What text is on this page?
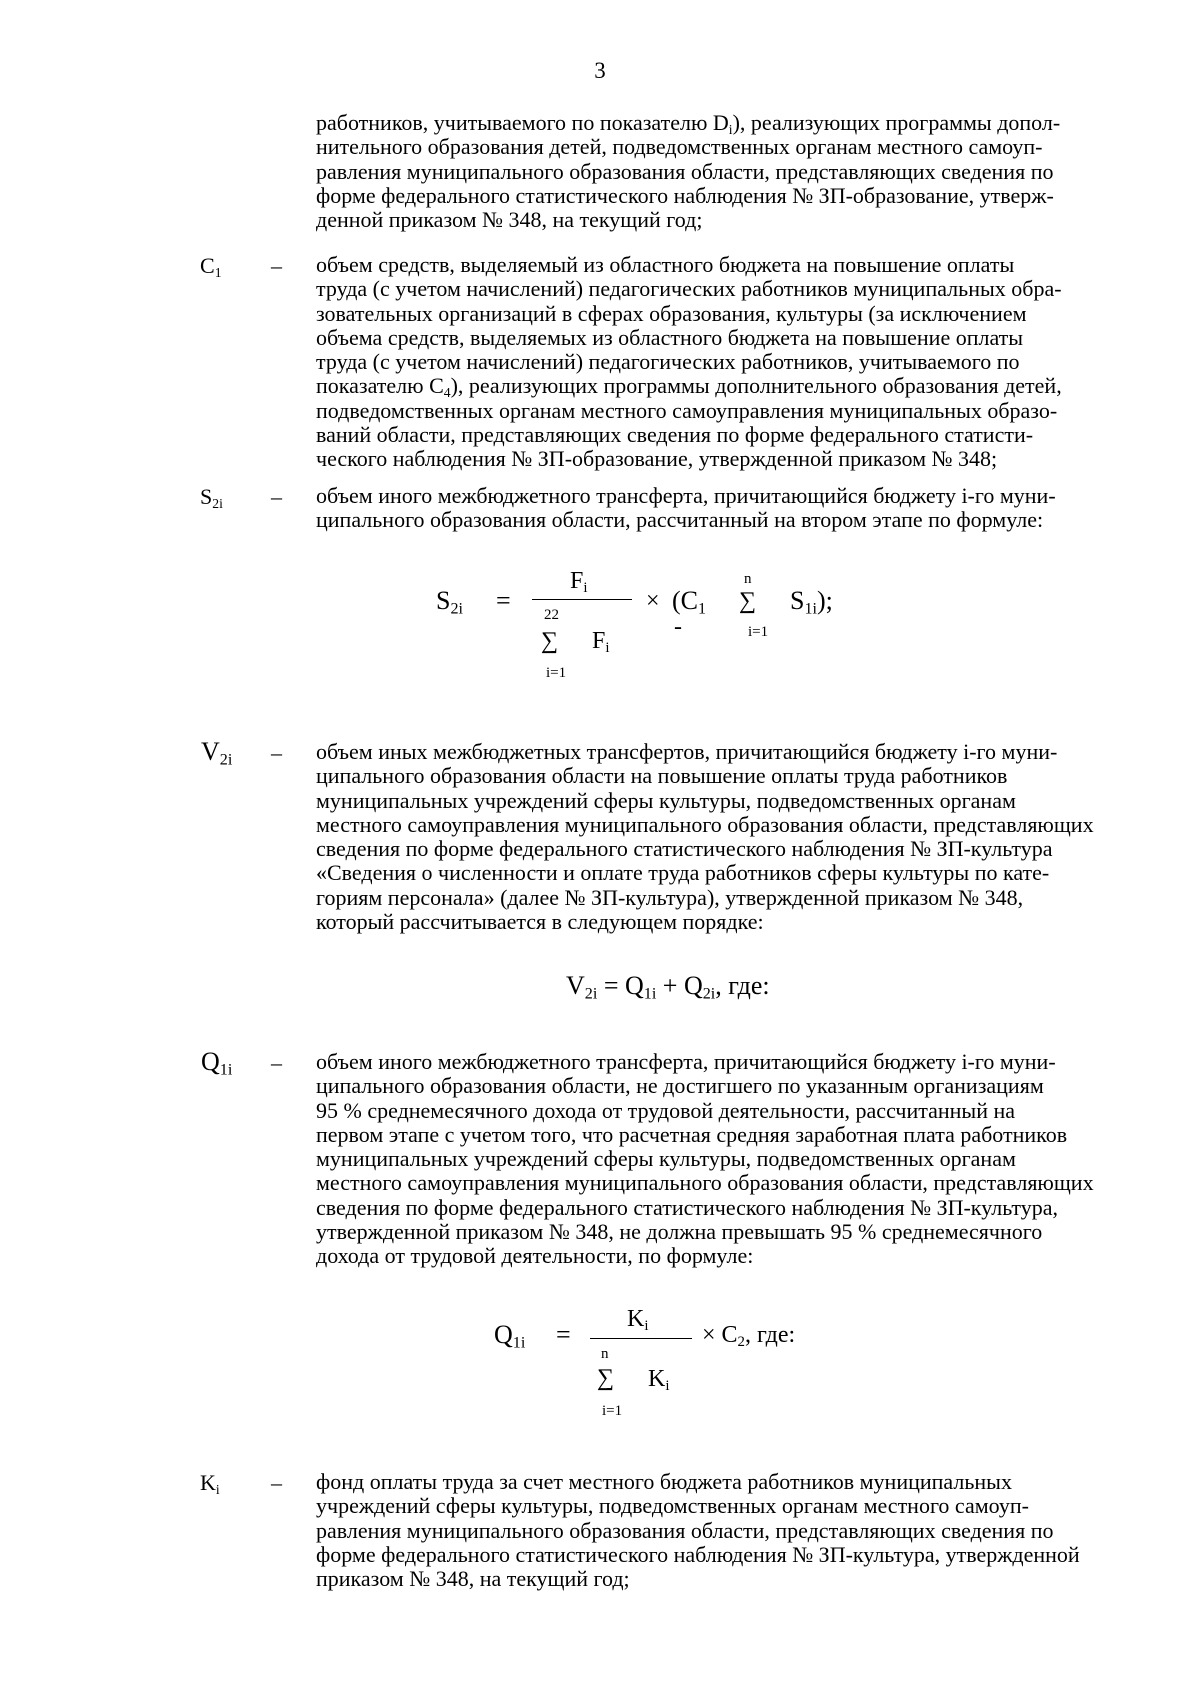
3
работников, учитываемого по показателю $D_i$), реализующих программы допол-
нительного образования детей, подведомственных органам местного самоуп-
равления муниципального образования области, представляющих сведения по
форме федерального статистического наблюдения № ЗП-образование, утверж-
денной приказом № 348, на текущий год;
$C_1$ – объем средств, выделяемый из областного бюджета на повышение оплаты
труда (с учетом начислений) педагогических работников муниципальных обра-
зовательных организаций в сферах образования, культуры (за исключением
объема средств, выделяемых из областного бюджета на повышение оплаты
труда (с учетом начислений) педагогических работников, учитываемого по
показателю $C_4$), реализующих программы дополнительного образования детей,
подведомственных органам местного самоуправления муниципальных образо-
ваний области, представляющих сведения по форме федерального статисти-
ческого наблюдения № ЗП-образование, утвержденной приказом № 348;
$S_{2i}$ – объем иного межбюджетного трансферта, причитающийся бюджету i-го муни-
ципального образования области, рассчитанный на втором этапе по формуле:
$S_{2i}$ =
$F_i$
22
∑ $F_i$
i=1
× ($C_1$
-
n
∑
i=1
$S_{1i}$);
$V_{2i}$ – объем иных межбюджетных трансфертов, причитающийся бюджету i-го муни-
ципального образования области на повышение оплаты труда работников
муниципальных учреждений сферы культуры, подведомственных органам
местного самоуправления муниципального образования области, представляющих
сведения по форме федерального статистического наблюдения № ЗП-культура
«Сведения о численности и оплате труда работников сферы культуры по кате-
гориям персонала» (далее № ЗП-культура), утвержденной приказом № 348,
который рассчитывается в следующем порядке:
$V_{2i} = Q_{1i} + Q_{2i}$, где:
$Q_{1i}$ – объем иного межбюджетного трансферта, причитающийся бюджету i-го муни-
ципального образования области, не достигшего по указанным организациям
95 % среднемесячного дохода от трудовой деятельности, рассчитанный на
первом этапе с учетом того, что расчетная средняя заработная плата работников
муниципальных учреждений сферы культуры, подведомственных органам
местного самоуправления муниципального образования области, представляющих
сведения по форме федерального статистического наблюдения № ЗП-культура,
утвержденной приказом № 348, не должна превышать 95 % среднемесячного
дохода от трудовой деятельности, по формуле:
$Q_{1i}$ =
$K_i$
n
∑ $K_i$
i=1
× $C_2$, где:
$K_i$ – фонд оплаты труда за счет местного бюджета работников муниципальных
учреждений сферы культуры, подведомственных органам местного самоуп-
равления муниципального образования области, представляющих сведения по
форме федерального статистического наблюдения № ЗП-культура, утвержденной
приказом № 348, на текущий год;
